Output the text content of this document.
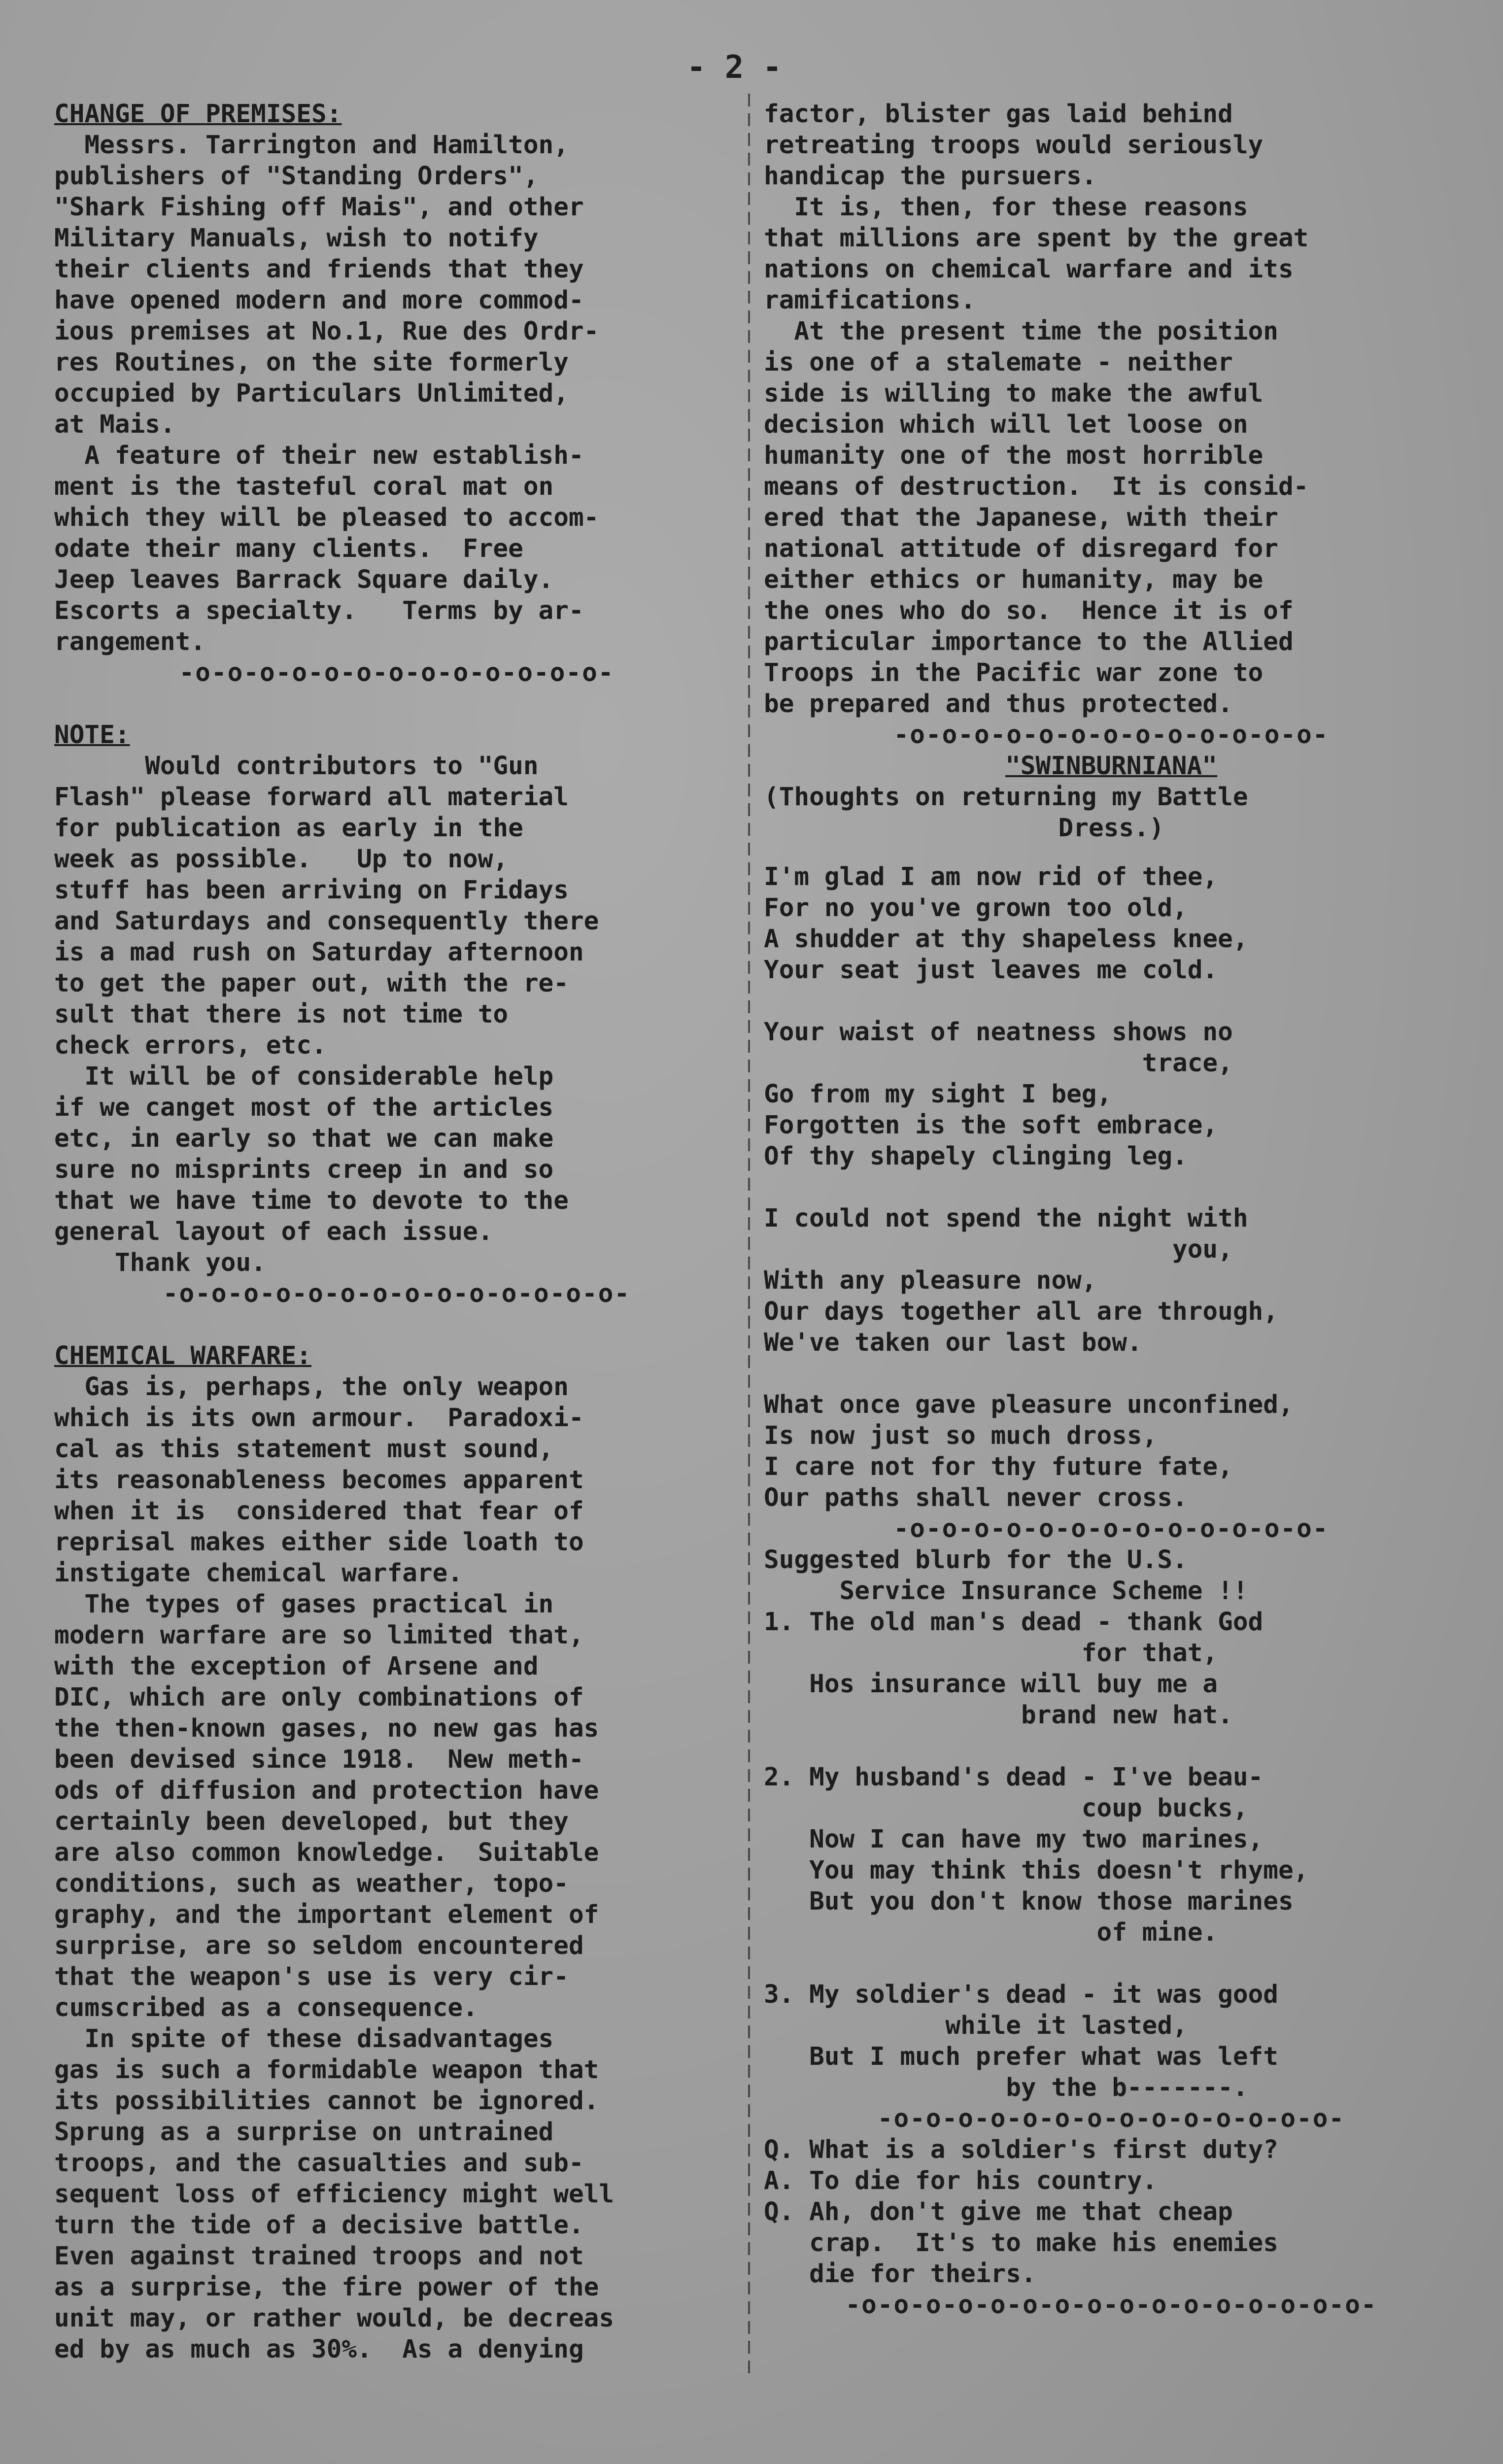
- 2 -
CHANGE OF PREMISES:
Messrs. Tarrington and Hamilton,
publishers of "Standing Orders",
"Shark Fishing off Mais", and other
Military Manuals, wish to notify
their clients and friends that they
have opened modern and more commod-
ious premises at No.1, Rue des Ordr-
res Routines, on the site formerly
occupied by Particulars Unlimited,
at Mais.
A feature of their new establish-
ment is the tasteful coral mat on
which they will be pleased to accom-
odate their many clients.  Free
Jeep leaves Barrack Square daily.
Escorts a specialty.   Terms by ar-
rangement.
-o-o-o-o-o-o-o-o-o-o-o-o-o-
NOTE:
Would contributors to "Gun
Flash" please forward all material
for publication as early in the
week as possible.   Up to now,
stuff has been arriving on Fridays
and Saturdays and consequently there
is a mad rush on Saturday afternoon
to get the paper out, with the re-
sult that there is not time to
check errors, etc.
It will be of considerable help
if we canget most of the articles
etc, in early so that we can make
sure no misprints creep in and so
that we have time to devote to the
general layout of each issue.
Thank you.
-o-o-o-o-o-o-o-o-o-o-o-o-o-o-
CHEMICAL WARFARE:
Gas is, perhaps, the only weapon
which is its own armour.  Paradoxi-
cal as this statement must sound,
its reasonableness becomes apparent
when it is  considered that fear of
reprisal makes either side loath to
instigate chemical warfare.
The types of gases practical in
modern warfare are so limited that,
with the exception of Arsene and
DIC, which are only combinations of
the then-known gases, no new gas has
been devised since 1918.  New meth-
ods of diffusion and protection have
certainly been developed, but they
are also common knowledge.  Suitable
conditions, such as weather, topo-
graphy, and the important element of
surprise, are so seldom encountered
that the weapon's use is very cir-
cumscribed as a consequence.
In spite of these disadvantages
gas is such a formidable weapon that
its possibilities cannot be ignored.
Sprung as a surprise on untrained
troops, and the casualties and sub-
sequent loss of efficiency might well
turn the tide of a decisive battle.
Even against trained troops and not
as a surprise, the fire power of the
unit may, or rather would, be decreas
ed by as much as 30%.  As a denying
factor, blister gas laid behind
retreating troops would seriously
handicap the pursuers.
It is, then, for these reasons
that millions are spent by the great
nations on chemical warfare and its
ramifications.
At the present time the position
is one of a stalemate - neither
side is willing to make the awful
decision which will let loose on
humanity one of the most horrible
means of destruction.  It is consid-
ered that the Japanese, with their
national attitude of disregard for
either ethics or humanity, may be
the ones who do so.  Hence it is of
particular importance to the Allied
Troops in the Pacific war zone to
be prepared and thus protected.
-o-o-o-o-o-o-o-o-o-o-o-o-o-
"SWINBURNIANA"
(Thoughts on returning my Battle
Dress.)
I'm glad I am now rid of thee,
For no you've grown too old,
A shudder at thy shapeless knee,
Your seat just leaves me cold.
Your waist of neatness shows no
trace,
Go from my sight I beg,
Forgotten is the soft embrace,
Of thy shapely clinging leg.
I could not spend the night with
you,
With any pleasure now,
Our days together all are through,
We've taken our last bow.
What once gave pleasure unconfined,
Is now just so much dross,
I care not for thy future fate,
Our paths shall never cross.
-o-o-o-o-o-o-o-o-o-o-o-o-o-
Suggested blurb for the U.S.
Service Insurance Scheme !!
1. The old man's dead - thank God
for that,
Hos insurance will buy me a
brand new hat.
2. My husband's dead - I've beau-
coup bucks,
Now I can have my two marines,
You may think this doesn't rhyme,
But you don't know those marines
of mine.
3. My soldier's dead - it was good
while it lasted,
But I much prefer what was left
by the b-------.
-o-o-o-o-o-o-o-o-o-o-o-o-o-o-
Q. What is a soldier's first duty?
A. To die for his country.
Q. Ah, don't give me that cheap
crap.  It's to make his enemies
die for theirs.
-o-o-o-o-o-o-o-o-o-o-o-o-o-o-o-o-
